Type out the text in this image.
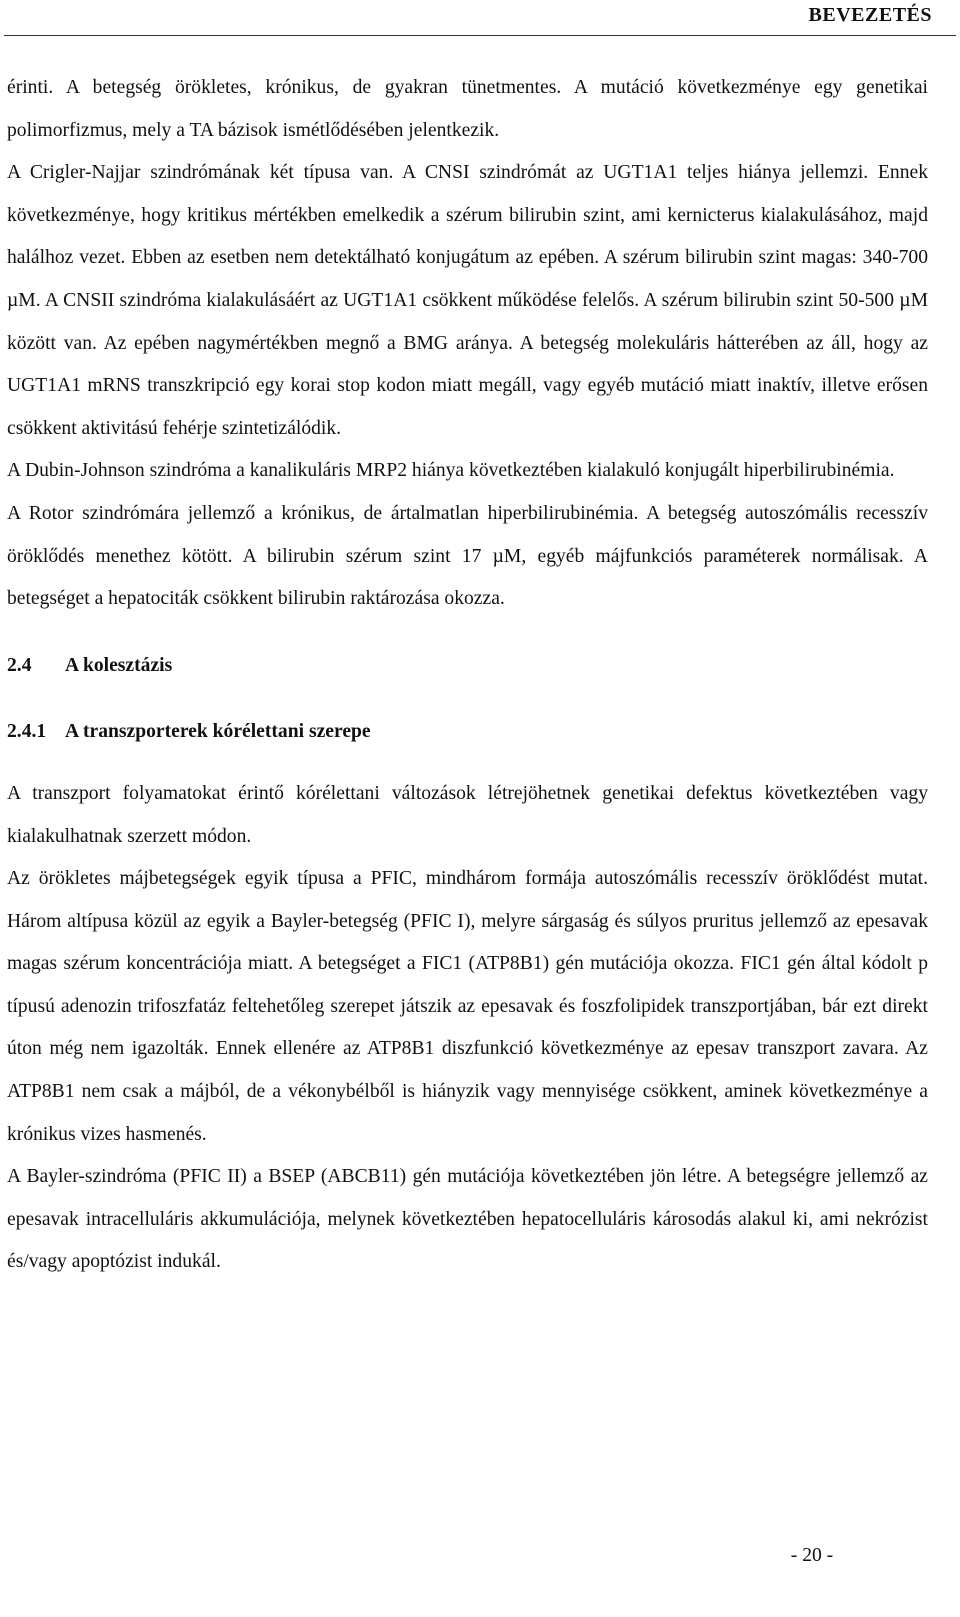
BEVEZETÉS

érinti. A betegség örökletes, krónikus, de gyakran tünetmentes. A mutáció következménye egy genetikai polimorfizmus, mely a TA bázisok ismétlődésében jelentkezik.

A Crigler-Najjar szindrómának két típusa van. A CNSI szindrómát az UGT1A1 teljes hiánya jellemzi. Ennek következménye, hogy kritikus mértékben emelkedik a szérum bilirubin szint, ami kernicterus kialakulásához, majd halálhoz vezet. Ebben az esetben nem detektálható konjugátum az epében. A szérum bilirubin szint magas: 340-700 µM. A CNSII szindróma kialakulásáért az UGT1A1 csökkent működése felelős. A szérum bilirubin szint 50-500 µM között van. Az epében nagymértékben megnő a BMG aránya. A betegség molekuláris hátterében az áll, hogy az UGT1A1 mRNS transzkripció egy korai stop kodon miatt megáll, vagy egyéb mutáció miatt inaktív, illetve erősen csökkent aktivitású fehérje szintetizálódik.

A Dubin-Johnson szindróma a kanalikuláris MRP2 hiánya következtében kialakuló konjugált hiperbilirubinémia.

A Rotor szindrómára jellemző a krónikus, de ártalmatlan hiperbilirubinémia. A betegség autoszómális recesszív öröklődés menethez kötött. A bilirubin szérum szint 17 µM, egyéb májfunkciós paraméterek normálisak. A betegséget a hepatociták csökkent bilirubin raktározása okozza.

2.4 A kolesztázis
2.4.1 A transzporterek kórélettani szerepe

A transzport folyamatokat érintő kórélettani változások létrejöhetnek genetikai defektus következtében vagy kialakulhatnak szerzett módon.

Az örökletes májbetegségek egyik típusa a PFIC, mindhárom formája autoszómális recesszív öröklődést mutat. Három altípusa közül az egyik a Bayler-betegség (PFIC I), melyre sárgaság és súlyos pruritus jellemző az epesavak magas szérum koncentrációja miatt. A betegséget a FIC1 (ATP8B1) gén mutációja okozza. FIC1 gén által kódolt p típusú adenozin trifoszfatáz feltehetőleg szerepet játszik az epesavak és foszfolipidek transzportjában, bár ezt direkt úton még nem igazolták. Ennek ellenére az ATP8B1 diszfunkció következménye az epesav transzport zavara. Az ATP8B1 nem csak a májból, de a vékonybélből is hiányzik vagy mennyisége csökkent, aminek következménye a krónikus vizes hasmenés.

A Bayler-szindróma (PFIC II) a BSEP (ABCB11) gén mutációja következtében jön létre. A betegségre jellemző az epesavak intracelluláris akkumulációja, melynek következtében hepatocelluláris károsodás alakul ki, ami nekrózist és/vagy apoptózist indukál.

- 20 -
